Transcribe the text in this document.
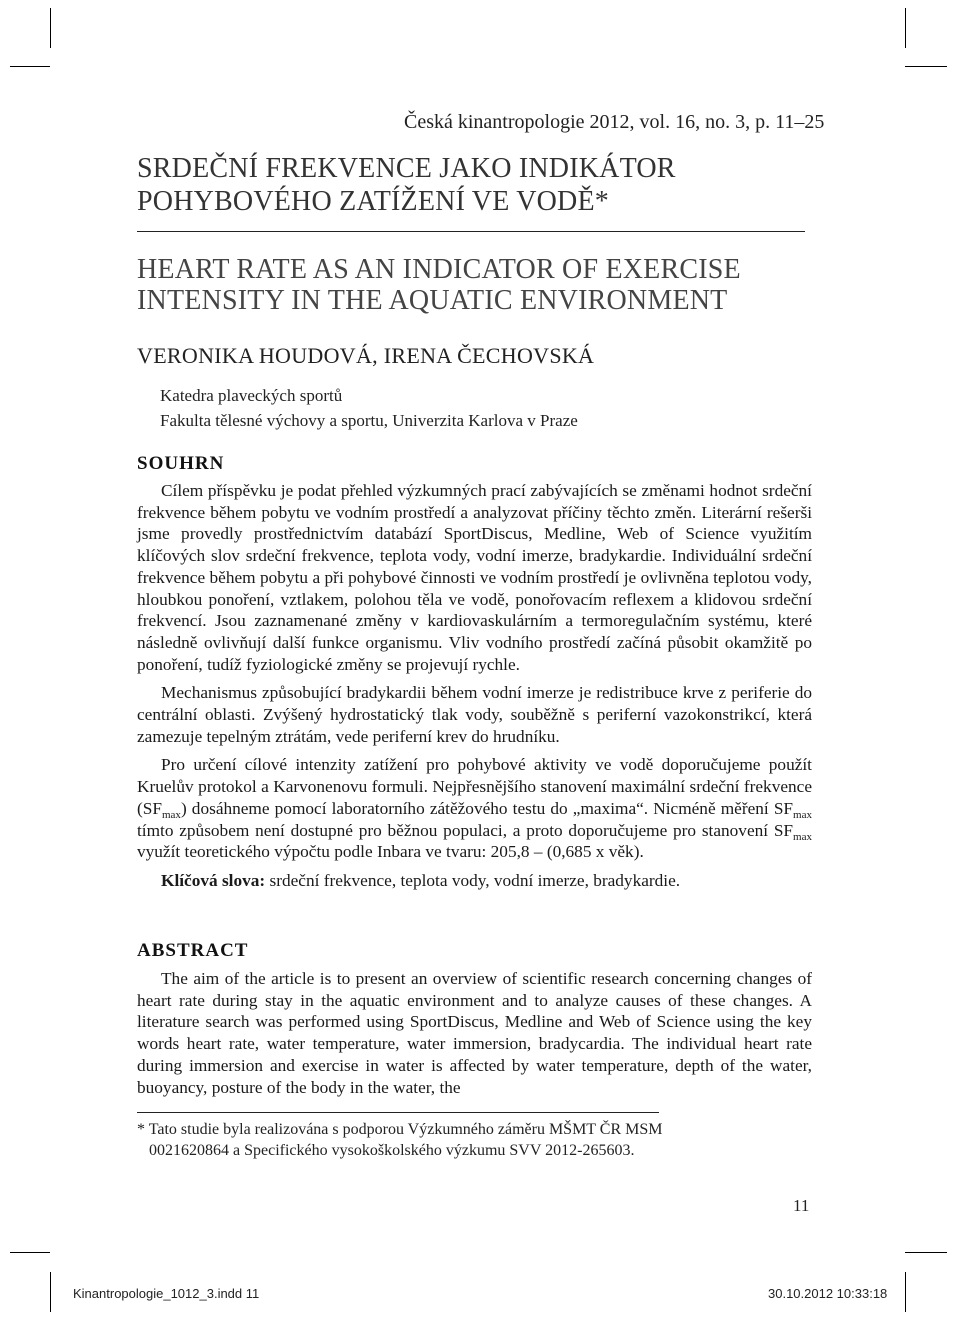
Česká kinantropologie 2012, vol. 16, no. 3, p. 11–25
SRDEČNÍ FREKVENCE JAKO INDIKÁTOR
POHYBOVÉHO ZATÍŽENÍ VE VODĚ*
HEART RATE AS AN INDICATOR OF EXERCISE
INTENSITY IN THE AQUATIC ENVIRONMENT
VERONIKA HOUDOVÁ, IRENA ČECHOVSKÁ
Katedra plaveckých sportů
Fakulta tělesné výchovy a sportu, Univerzita Karlova v Praze
SOUHRN

Cílem příspěvku je podat přehled výzkumných prací zabývajících se změnami hodnot srdeční frekvence během pobytu ve vodním prostředí a analyzovat příčiny těchto změn. Literární rešerši jsme provedly prostřednictvím databází SportDiscus, Medline, Web of Science využitím klíčových slov srdeční frekvence, teplota vody, vodní imerze, bradykardie. Individuální srdeční frekvence během pobytu a při pohybové činnosti ve vodním prostředí je ovlivněna teplotou vody, hloubkou ponoření, vztlakem, polohou těla ve vodě, ponořovacím reflexem a klidovou srdeční frekvencí. Jsou zaznamenané změny v kardiovaskulárním a termoregulačním systému, které následně ovlivňují další funkce organismu. Vliv vodního prostředí začíná působit okamžitě po ponoření, tudíž fyziologické změny se projevují rychle.

Mechanismus způsobující bradykardii během vodní imerze je redistribuce krve z periferie do centrální oblasti. Zvýšený hydrostatický tlak vody, souběžně s periferní vazokonstrikcí, která zamezuje tepelným ztrátám, vede periferní krev do hrudníku.

Pro určení cílové intenzity zatížení pro pohybové aktivity ve vodě doporučujeme použít Kruelův protokol a Karvonenovu formuli. Nejpřesnějšího stanovení maximální srdeční frekvence $(SF_{max})$ dosáhneme pomocí laboratorního zátěžového testu do „maxima“. Nicméně měření $SF_{max}$ tímto způsobem není dostupné pro běžnou populaci, a proto doporučujeme pro stanovení $SF_{max}$ využít teoretického výpočtu podle Inbara ve tvaru: 205,8 – (0,685 x věk).

Klíčová slova: srdeční frekvence, teplota vody, vodní imerze, bradykardie.

ABSTRACT

The aim of the article is to present an overview of scientific research concerning changes of heart rate during stay in the aquatic environment and to analyze causes of these changes. A literature search was performed using SportDiscus, Medline and Web of Science using the key words heart rate, water temperature, water immersion, bradycardia. The individual heart rate during immersion and exercise in water is affected by water temperature, depth of the water, buoyancy, posture of the body in the water, the

* Tato studie byla realizována s podporou Výzkumného záměru MŠMT ČR MSM
0021620864 a Specifického vysokoškolského výzkumu SVV 2012-265603.
11
Kinantropologie_1012_3.indd 11	30.10.2012 10:33:18
